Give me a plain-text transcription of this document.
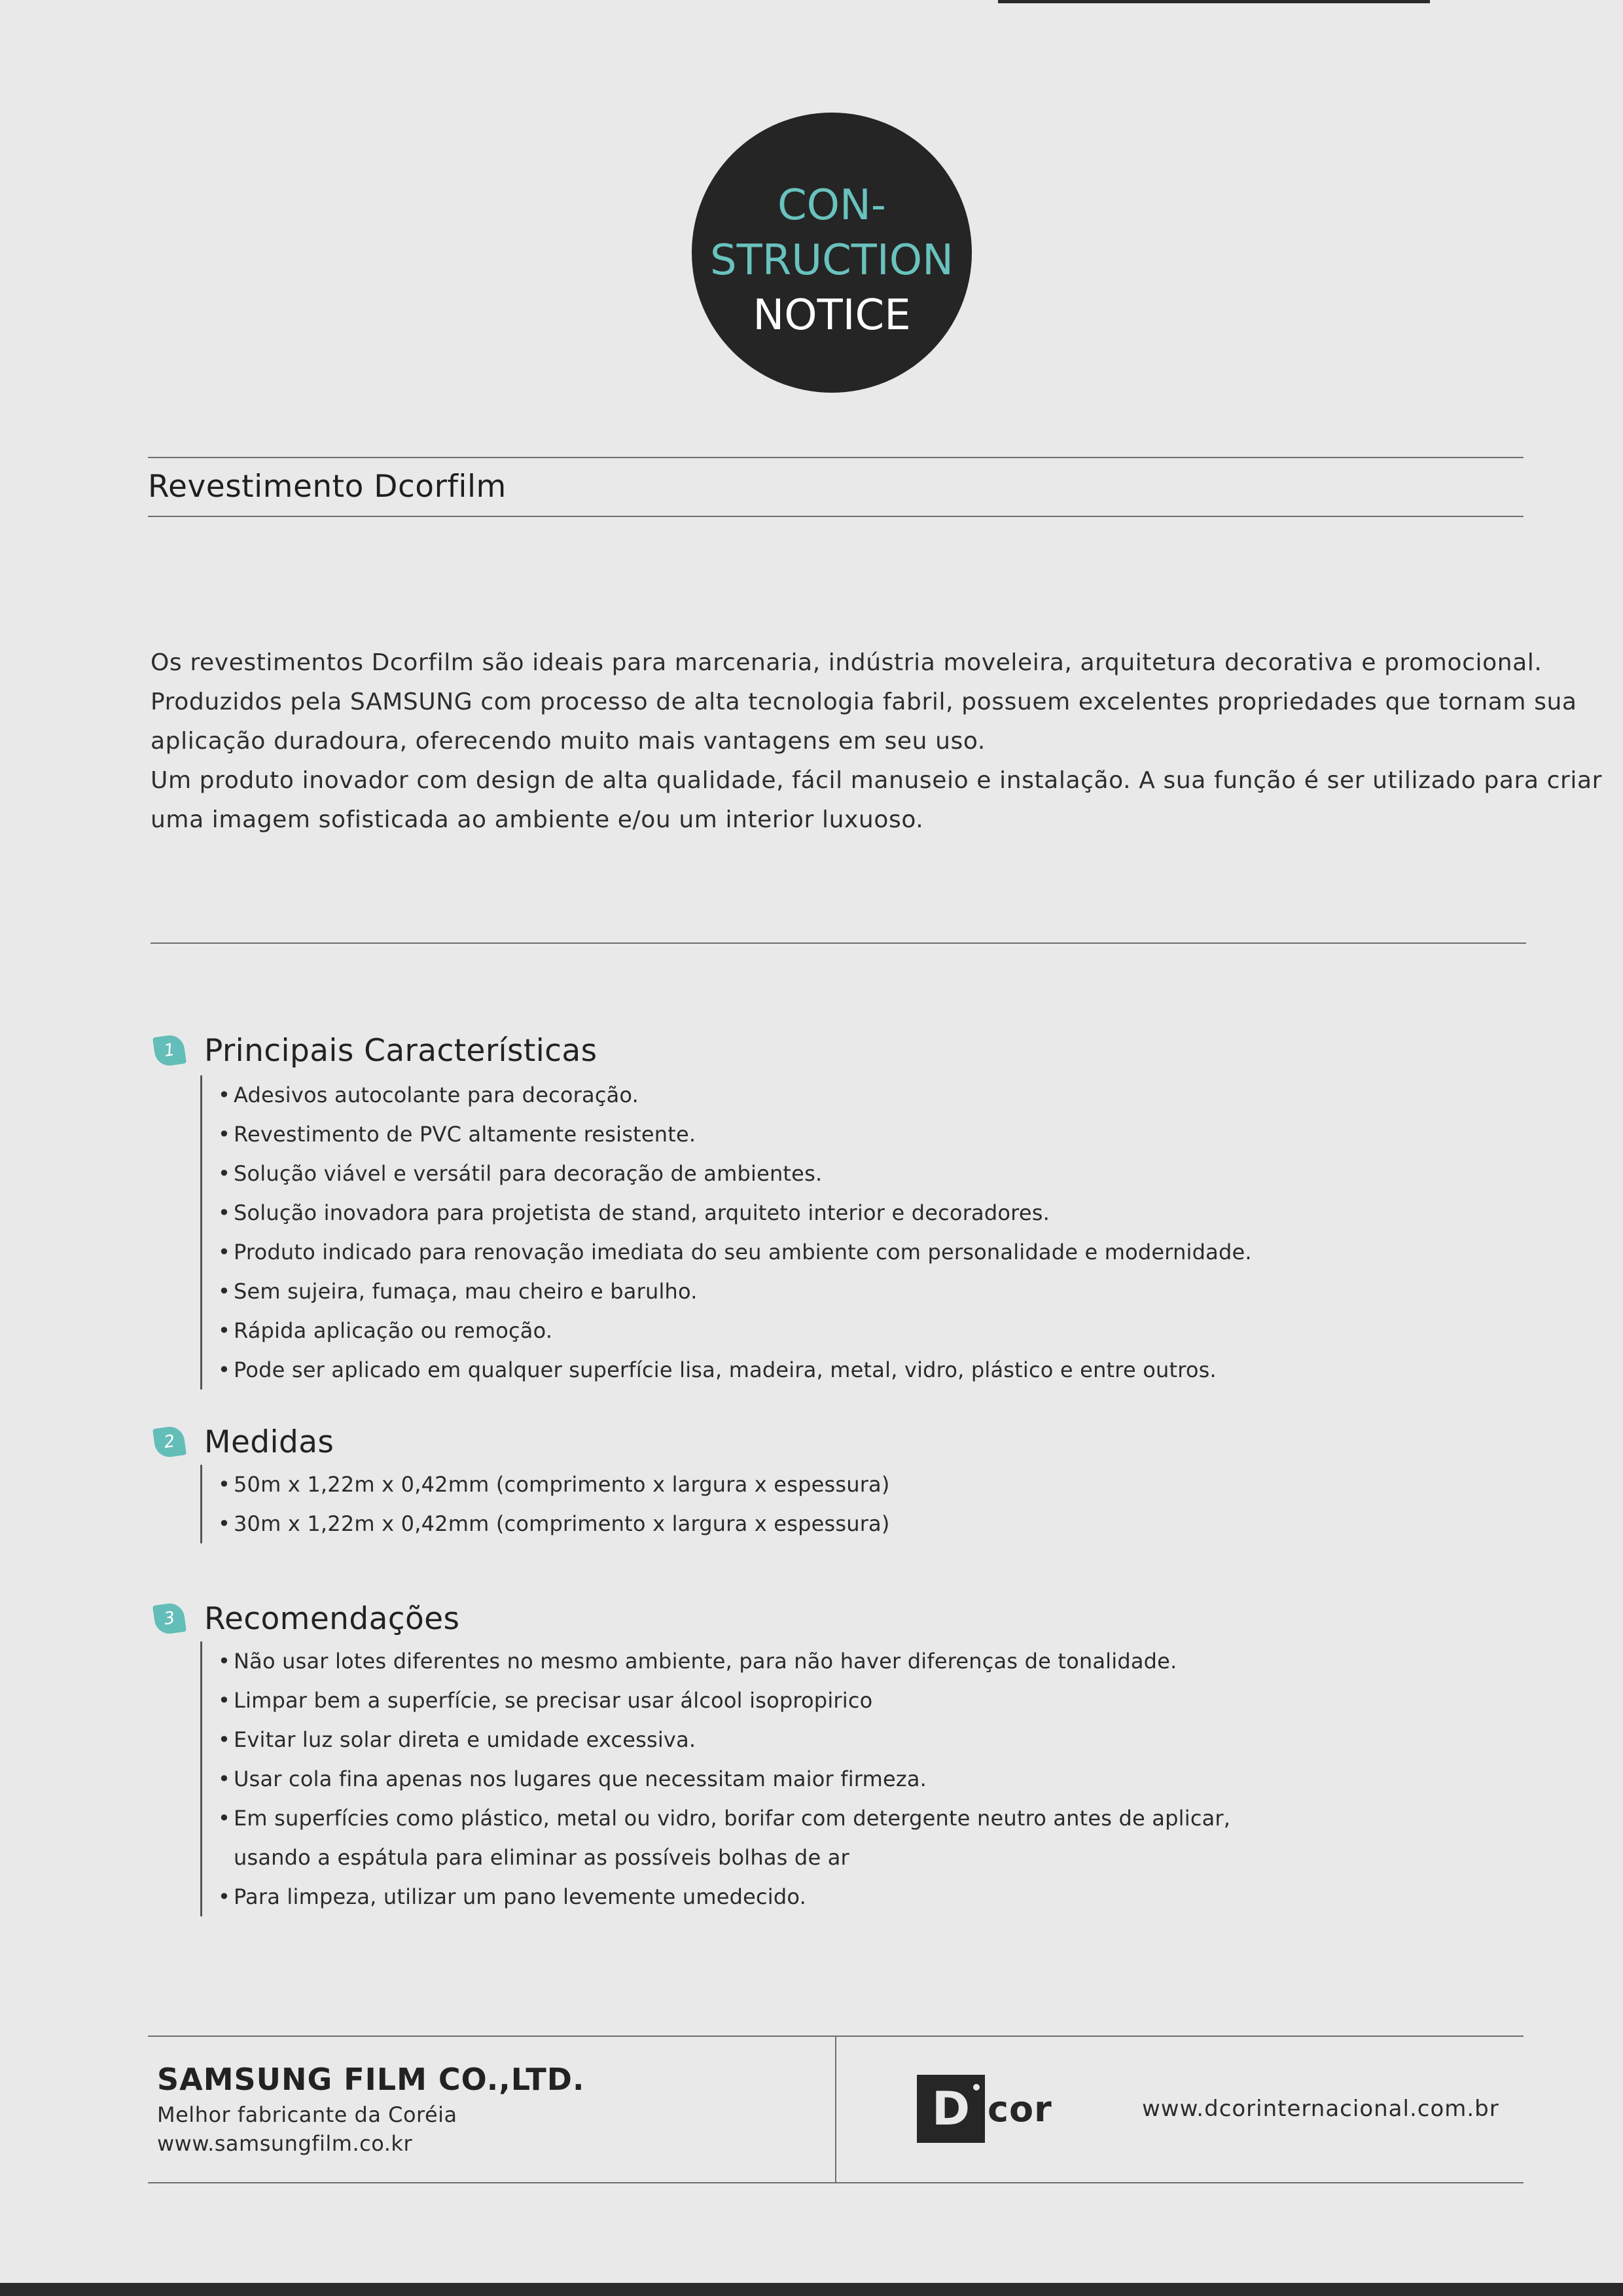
CON-
STRUCTION
NOTICE
Revestimento Dcorfilm

Os revestimentos Dcorfilm são ideais para marcenaria, indústria moveleira, arquitetura decorativa e promocional.

Produzidos pela SAMSUNG com processo de alta tecnologia fabril, possuem excelentes propriedades que tornam sua

aplicação duradoura, oferecendo muito mais vantagens em seu uso.

Um produto inovador com design de alta qualidade, fácil manuseio e instalação. A sua função é ser utilizado para criar

uma imagem sofisticada ao ambiente e/ou um interior luxuoso.

1 Principais Características
• Adesivos autocolante para decoração.
• Revestimento de PVC altamente resistente.
• Solução viável e versátil para decoração de ambientes.
• Solução inovadora para projetista de stand, arquiteto interior e decoradores.
• Produto indicado para renovação imediata do seu ambiente com personalidade e modernidade.
• Sem sujeira, fumaça, mau cheiro e barulho.
• Rápida aplicação ou remoção.
• Pode ser aplicado em qualquer superfície lisa, madeira, metal, vidro, plástico e entre outros.
2 Medidas
• 50m x 1,22m x 0,42mm (comprimento x largura x espessura)
• 30m x 1,22m x 0,42mm (comprimento x largura x espessura)
3 Recomendações
• Não usar lotes diferentes no mesmo ambiente, para não haver diferenças de tonalidade.
• Limpar bem a superfície, se precisar usar álcool isopropirico
• Evitar luz solar direta e umidade excessiva.
• Usar cola fina apenas nos lugares que necessitam maior firmeza.
• Em superfícies como plástico, metal ou vidro, borifar com detergente neutro antes de aplicar,
usando a espátula para eliminar as possíveis bolhas de ar
• Para limpeza, utilizar um pano levemente umedecido.
SAMSUNG FILM CO.,LTD.
Melhor fabricante da Coréia
www.samsungfilm.co.kr
D cor	www.dcorinternacional.com.br
